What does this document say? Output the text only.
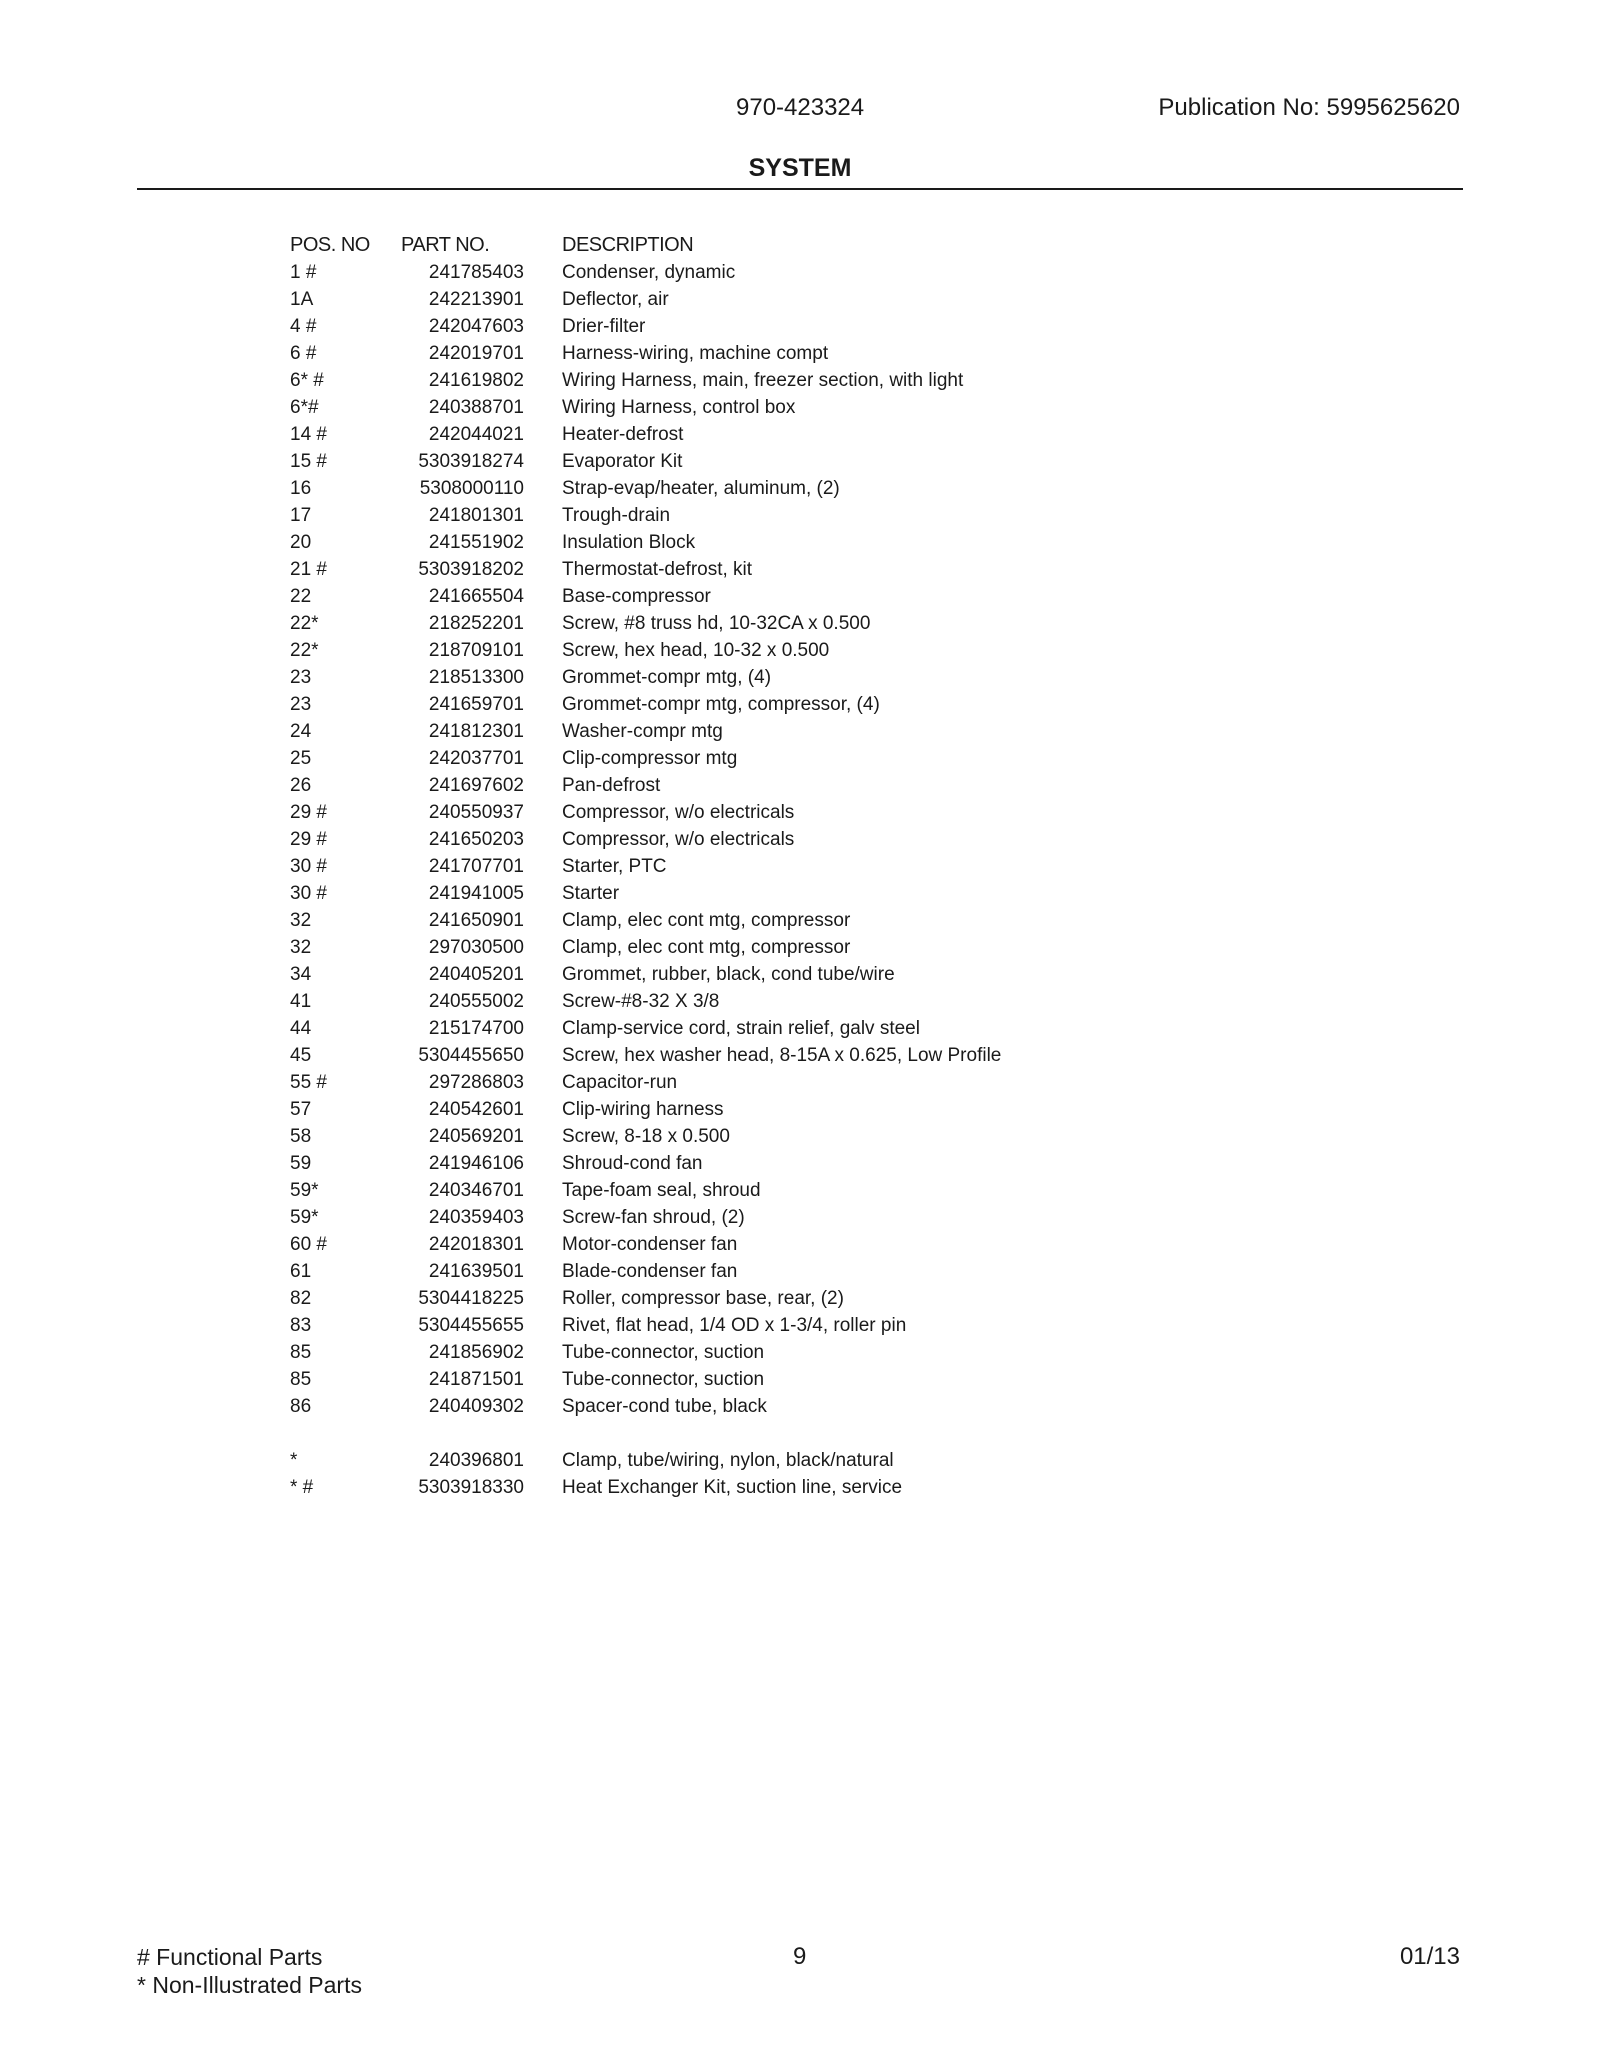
970-423324	Publication No: 5995625620
SYSTEM
POS. NO	PART NO.	DESCRIPTION
1 #	241785403	Condenser, dynamic
1A	242213901	Deflector, air
4 #	242047603	Drier-filter
6 #	242019701	Harness-wiring, machine compt
6* #	241619802	Wiring Harness, main, freezer section, with light
6*#	240388701	Wiring Harness, control box
14 #	242044021	Heater-defrost
15 #	5303918274	Evaporator Kit
16	5308000110	Strap-evap/heater, aluminum, (2)
17	241801301	Trough-drain
20	241551902	Insulation Block
21 #	5303918202	Thermostat-defrost, kit
22	241665504	Base-compressor
22*	218252201	Screw, #8 truss hd, 10-32CA x 0.500
22*	218709101	Screw, hex head, 10-32 x 0.500
23	218513300	Grommet-compr mtg, (4)
23	241659701	Grommet-compr mtg, compressor, (4)
24	241812301	Washer-compr mtg
25	242037701	Clip-compressor mtg
26	241697602	Pan-defrost
29 #	240550937	Compressor, w/o electricals
29 #	241650203	Compressor, w/o electricals
30 #	241707701	Starter, PTC
30 #	241941005	Starter
32	241650901	Clamp, elec cont mtg, compressor
32	297030500	Clamp, elec cont mtg, compressor
34	240405201	Grommet, rubber, black, cond tube/wire
41	240555002	Screw-#8-32 X 3/8
44	215174700	Clamp-service cord, strain relief, galv steel
45	5304455650	Screw, hex washer head, 8-15A x 0.625, Low Profile
55 #	297286803	Capacitor-run
57	240542601	Clip-wiring harness
58	240569201	Screw, 8-18 x 0.500
59	241946106	Shroud-cond fan
59*	240346701	Tape-foam seal, shroud
59*	240359403	Screw-fan shroud, (2)
60 #	242018301	Motor-condenser fan
61	241639501	Blade-condenser fan
82	5304418225	Roller, compressor base, rear, (2)
83	5304455655	Rivet, flat head, 1/4 OD x 1-3/4, roller pin
85	241856902	Tube-connector, suction
85	241871501	Tube-connector, suction
86	240409302	Spacer-cond tube, black

*	240396801	Clamp, tube/wiring, nylon, black/natural
* #	5303918330	Heat Exchanger Kit, suction line, service
# Functional Parts
* Non-Illustrated Parts
9	01/13
